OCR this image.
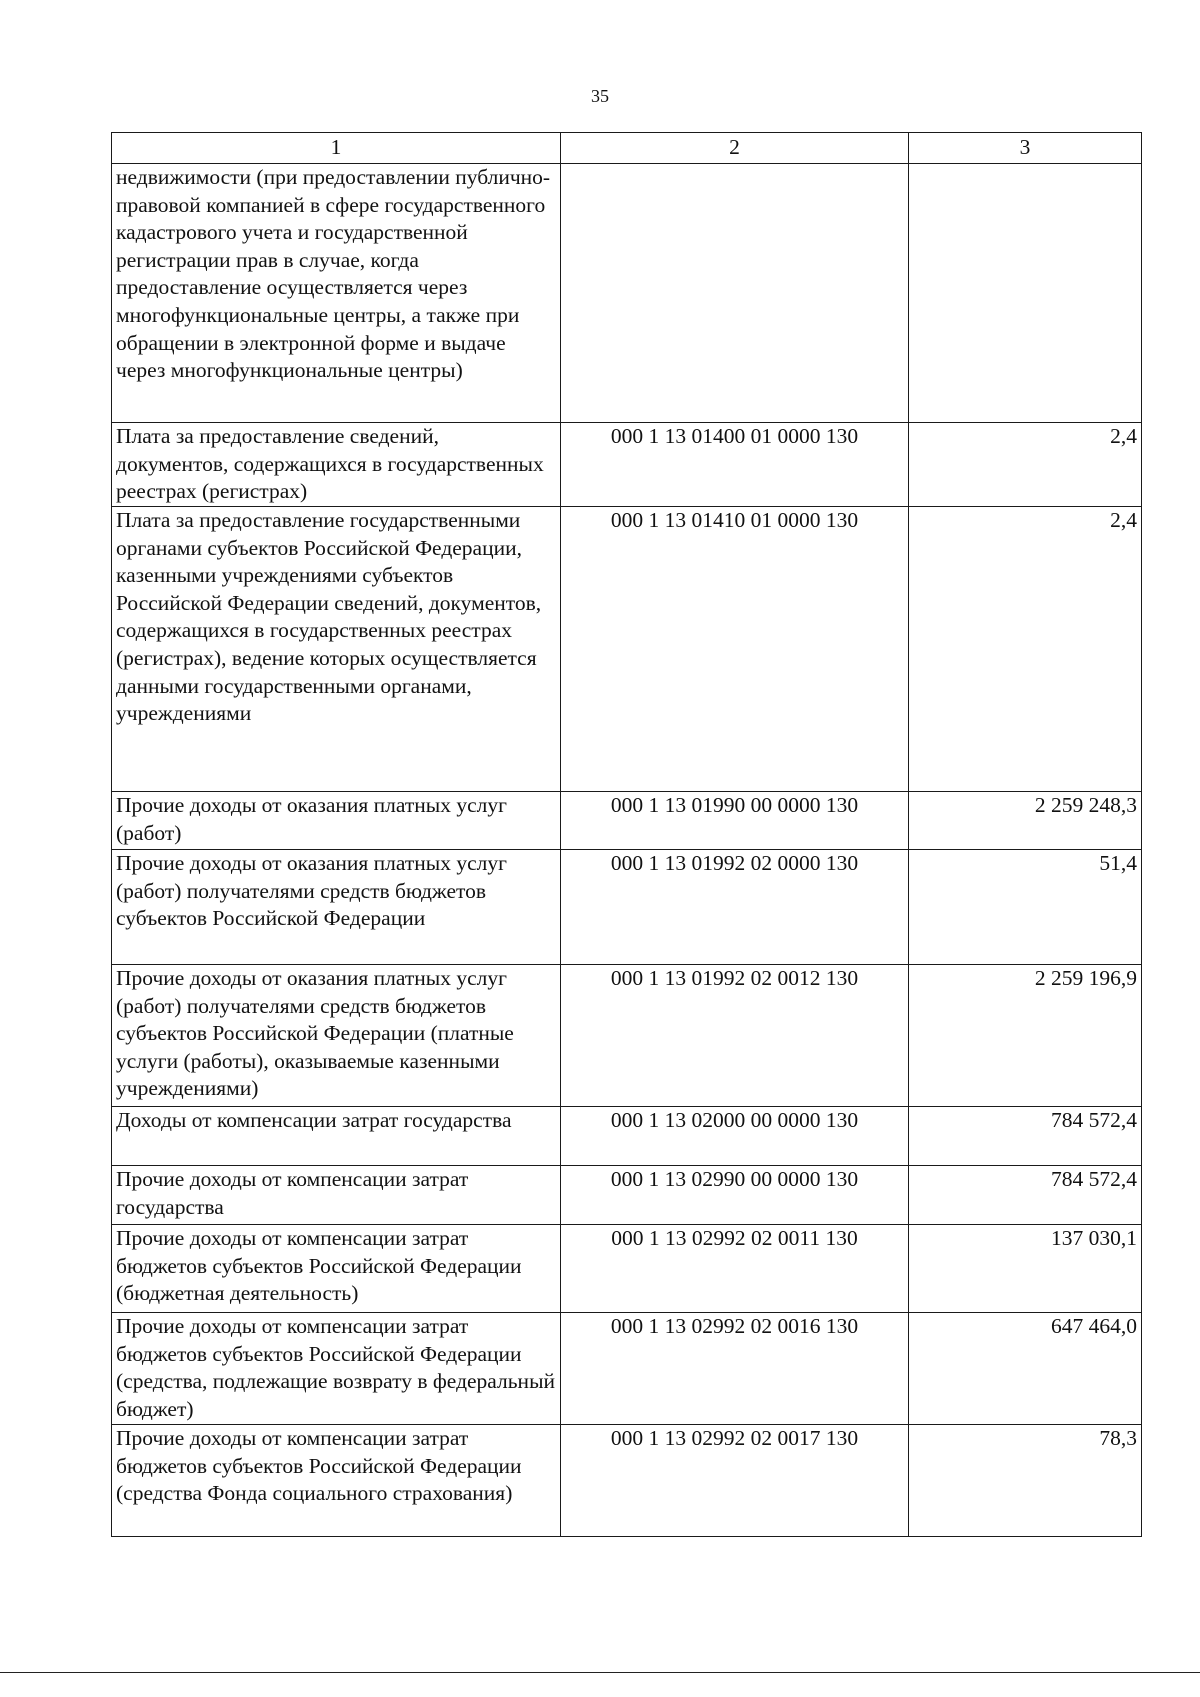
35
1	2	3
недвижимости (при предоставлении публично-правовой компанией в сфере государственного кадастрового учета и государственной регистрации прав в случае, когда предоставление осуществляется через многофункциональные центры, а также при обращении в электронной форме и выдаче через многофункциональные центры)		
Плата за предоставление сведений, документов, содержащихся в государственных реестрах (регистрах)	000 1 13 01400 01 0000 130	2,4
Плата за предоставление государственными органами субъектов Российской Федерации, казенными учреждениями субъектов Российской Федерации сведений, документов, содержащихся в государственных реестрах (регистрах), ведение которых осуществляется данными государственными органами, учреждениями	000 1 13 01410 01 0000 130	2,4
Прочие доходы от оказания платных услуг (работ)	000 1 13 01990 00 0000 130	2 259 248,3
Прочие доходы от оказания платных услуг (работ) получателями средств бюджетов субъектов Российской Федерации	000 1 13 01992 02 0000 130	51,4
Прочие доходы от оказания платных услуг (работ) получателями средств бюджетов субъектов Российской Федерации (платные услуги (работы), оказываемые казенными учреждениями)	000 1 13 01992 02 0012 130	2 259 196,9
Доходы от компенсации затрат государства	000 1 13 02000 00 0000 130	784 572,4
Прочие доходы от компенсации затрат государства	000 1 13 02990 00 0000 130	784 572,4
Прочие доходы от компенсации затрат бюджетов субъектов Российской Федерации (бюджетная деятельность)	000 1 13 02992 02 0011 130	137 030,1
Прочие доходы от компенсации затрат бюджетов субъектов Российской Федерации (средства, подлежащие возврату в федеральный бюджет)	000 1 13 02992 02 0016 130	647 464,0
Прочие доходы от компенсации затрат бюджетов субъектов Российской Федерации (средства Фонда социального страхования)	000 1 13 02992 02 0017 130	78,3
